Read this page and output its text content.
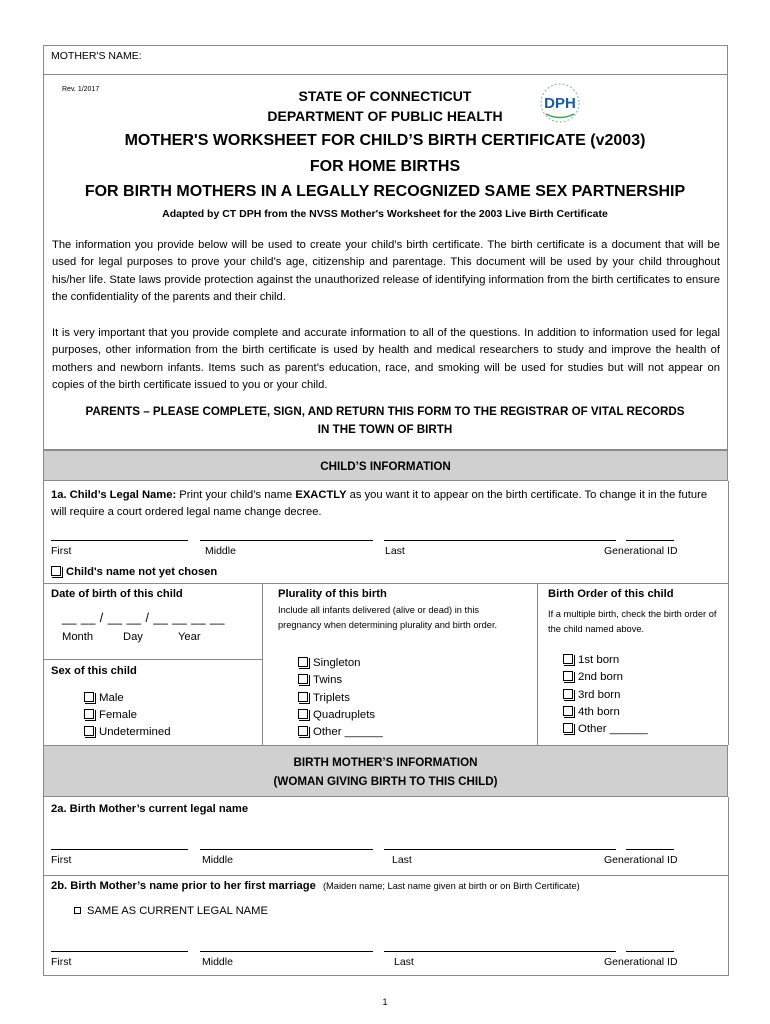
MOTHER'S NAME:
Rev. 1/2017	STATE OF CONNECTICUT
DEPARTMENT OF PUBLIC HEALTH
DPH
MOTHER'S WORKSHEET FOR CHILD’S BIRTH CERTIFICATE (v2003)
FOR HOME BIRTHS
FOR BIRTH MOTHERS IN A LEGALLY RECOGNIZED SAME SEX PARTNERSHIP
Adapted by CT DPH from the NVSS Mother's Worksheet for the 2003 Live Birth Certificate
The information you provide below will be used to create your child’s birth certificate. The birth certificate is a document that will be used for legal purposes to prove your child’s age, citizenship and parentage. This document will be used by your child throughout his/her life. State laws provide protection against the unauthorized release of identifying information from the birth certificates to ensure the confidentiality of the parents and their child.
It is very important that you provide complete and accurate information to all of the questions. In addition to information used for legal purposes, other information from the birth certificate is used by health and medical researchers to study and improve the health of mothers and newborn infants. Items such as parent’s education, race, and smoking will be used for studies but will not appear on copies of the birth certificate issued to you or your child.
PARENTS – PLEASE COMPLETE, SIGN, AND RETURN THIS FORM TO THE REGISTRAR OF VITAL RECORDS
IN THE TOWN OF BIRTH
CHILD’S INFORMATION
1a. Child’s Legal Name: Print your child’s name EXACTLY as you want it to appear on the birth certificate. To change it in the future will require a court ordered legal name change decree.
First	Middle	Last	Generational ID
Child's name not yet chosen
Date of birth of this child
__ __ / __ __ / __ __ __ __
Month	Day	Year
Sex of this child
Male
Female
Undetermined
Plurality of this birth
Include all infants delivered (alive or dead) in this pregnancy when determining plurality and birth order.
Singleton
Twins
Triplets
Quadruplets
Other ______
Birth Order of this child
If a multiple birth, check the birth order of the child named above.
1st born
2nd born
3rd born
4th born
Other ______
BIRTH MOTHER’S INFORMATION
(WOMAN GIVING BIRTH TO THIS CHILD)
2a. Birth Mother’s current legal name
First	Middle	Last	Generational ID
2b. Birth Mother’s name prior to her first marriage (Maiden name; Last name given at birth or on Birth Certificate)
SAME AS CURRENT LEGAL NAME
First	Middle	Last	Generational ID
1
